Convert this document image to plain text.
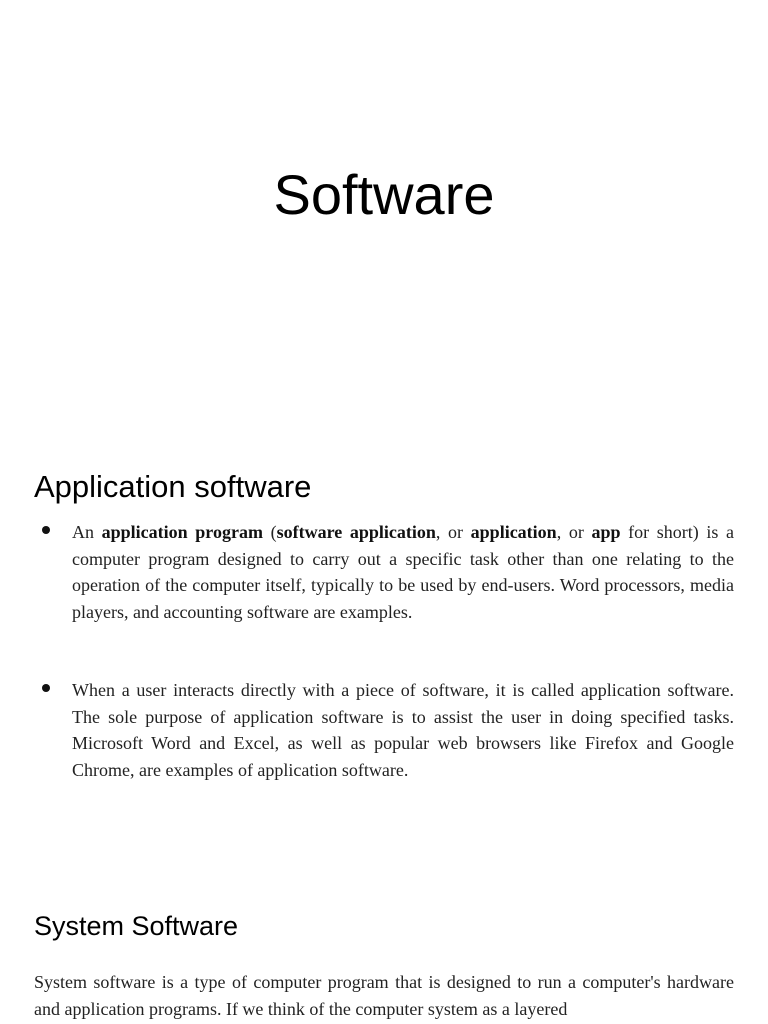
Software
Application software

An application program (software application, or application, or app for short) is a computer program designed to carry out a specific task other than one relating to the operation of the computer itself, typically to be used by end-users. Word processors, media players, and accounting software are examples.

When a user interacts directly with a piece of software, it is called application software. The sole purpose of application software is to assist the user in doing specified tasks. Microsoft Word and Excel, as well as popular web browsers like Firefox and Google Chrome, are examples of application software.

System Software

System software is a type of computer program that is designed to run a computer's hardware and application programs. If we think of the computer system as a layered
